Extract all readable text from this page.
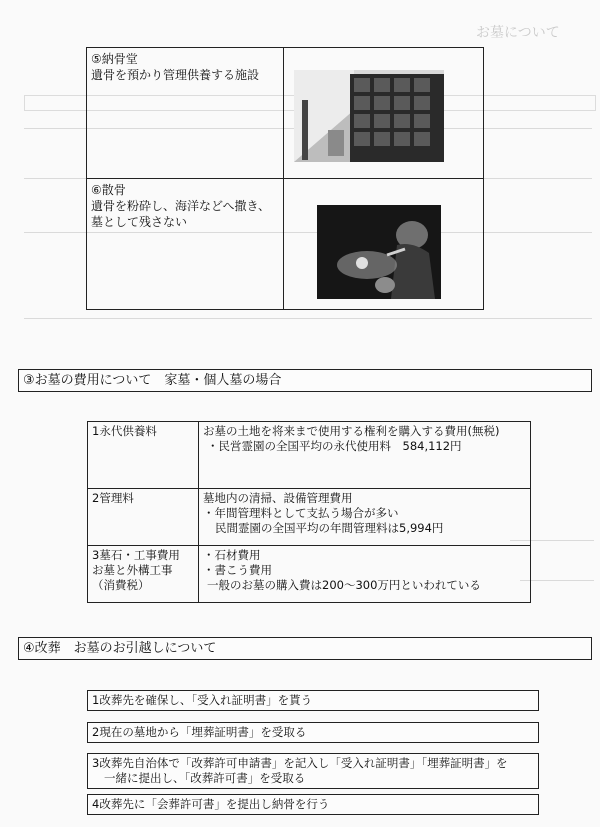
お墓について
⑤納骨堂
遺骨を預かり管理供養する施設

⑥散骨
遺骨を粉砕し、海洋などへ撒き、墓として残さない

③お墓の費用について　家墓・個人墓の場合
1永代供養料	お墓の土地を将来まで使用する権利を購入する費用(無税)
・民営霊園の全国平均の永代使用料　584,112円
2管理料	墓地内の清掃、設備管理費用
・年間管理料として支払う場合が多い
民間霊園の全国平均の年間管理料は5,994円
3墓石・工事費用
お墓と外構工事
（消費税）	・石材費用
・書こう費用
一般のお墓の購入費は200～300万円といわれている
④改葬　お墓のお引越しについて
1改葬先を確保し、「受入れ証明書」を貰う
2現在の墓地から「埋葬証明書」を受取る
3改葬先自治体で「改葬許可申請書」を記入し「受入れ証明書」「埋葬証明書」を
一緒に提出し、「改葬許可書」を受取る
4改葬先に「会葬許可書」を提出し納骨を行う
